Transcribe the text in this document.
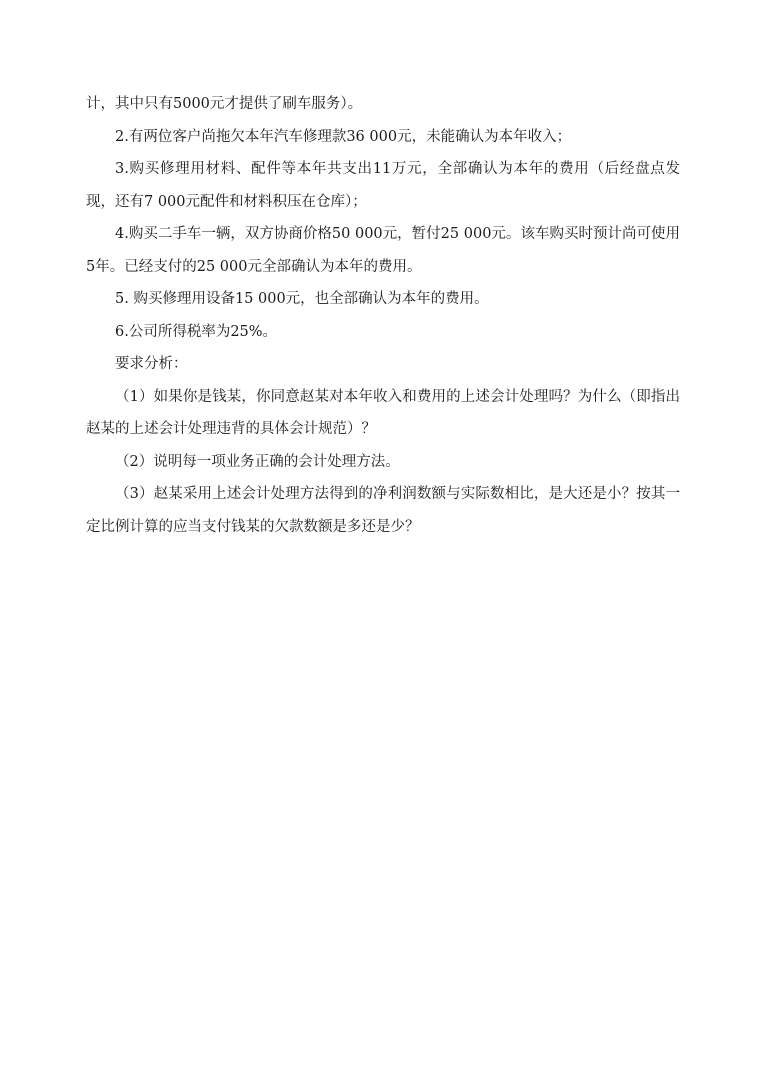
计，其中只有5000元才提供了刷车服务）。

2.有两位客户尚拖欠本年汽车修理款36 000元，未能确认为本年收入；

3.购买修理用材料、配件等本年共支出11万元，全部确认为本年的费用（后经盘点发现，还有7 000元配件和材料积压在仓库）；

4.购买二手车一辆，双方协商价格50 000元，暂付25 000元。该车购买时预计尚可使用5年。已经支付的25 000元全部确认为本年的费用。

5. 购买修理用设备15 000元，也全部确认为本年的费用。

6.公司所得税率为25%。

要求分析：

（1）如果你是钱某，你同意赵某对本年收入和费用的上述会计处理吗？为什么（即指出赵某的上述会计处理违背的具体会计规范）？

（2）说明每一项业务正确的会计处理方法。

（3）赵某采用上述会计处理方法得到的净利润数额与实际数相比，是大还是小？按其一定比例计算的应当支付钱某的欠款数额是多还是少？
